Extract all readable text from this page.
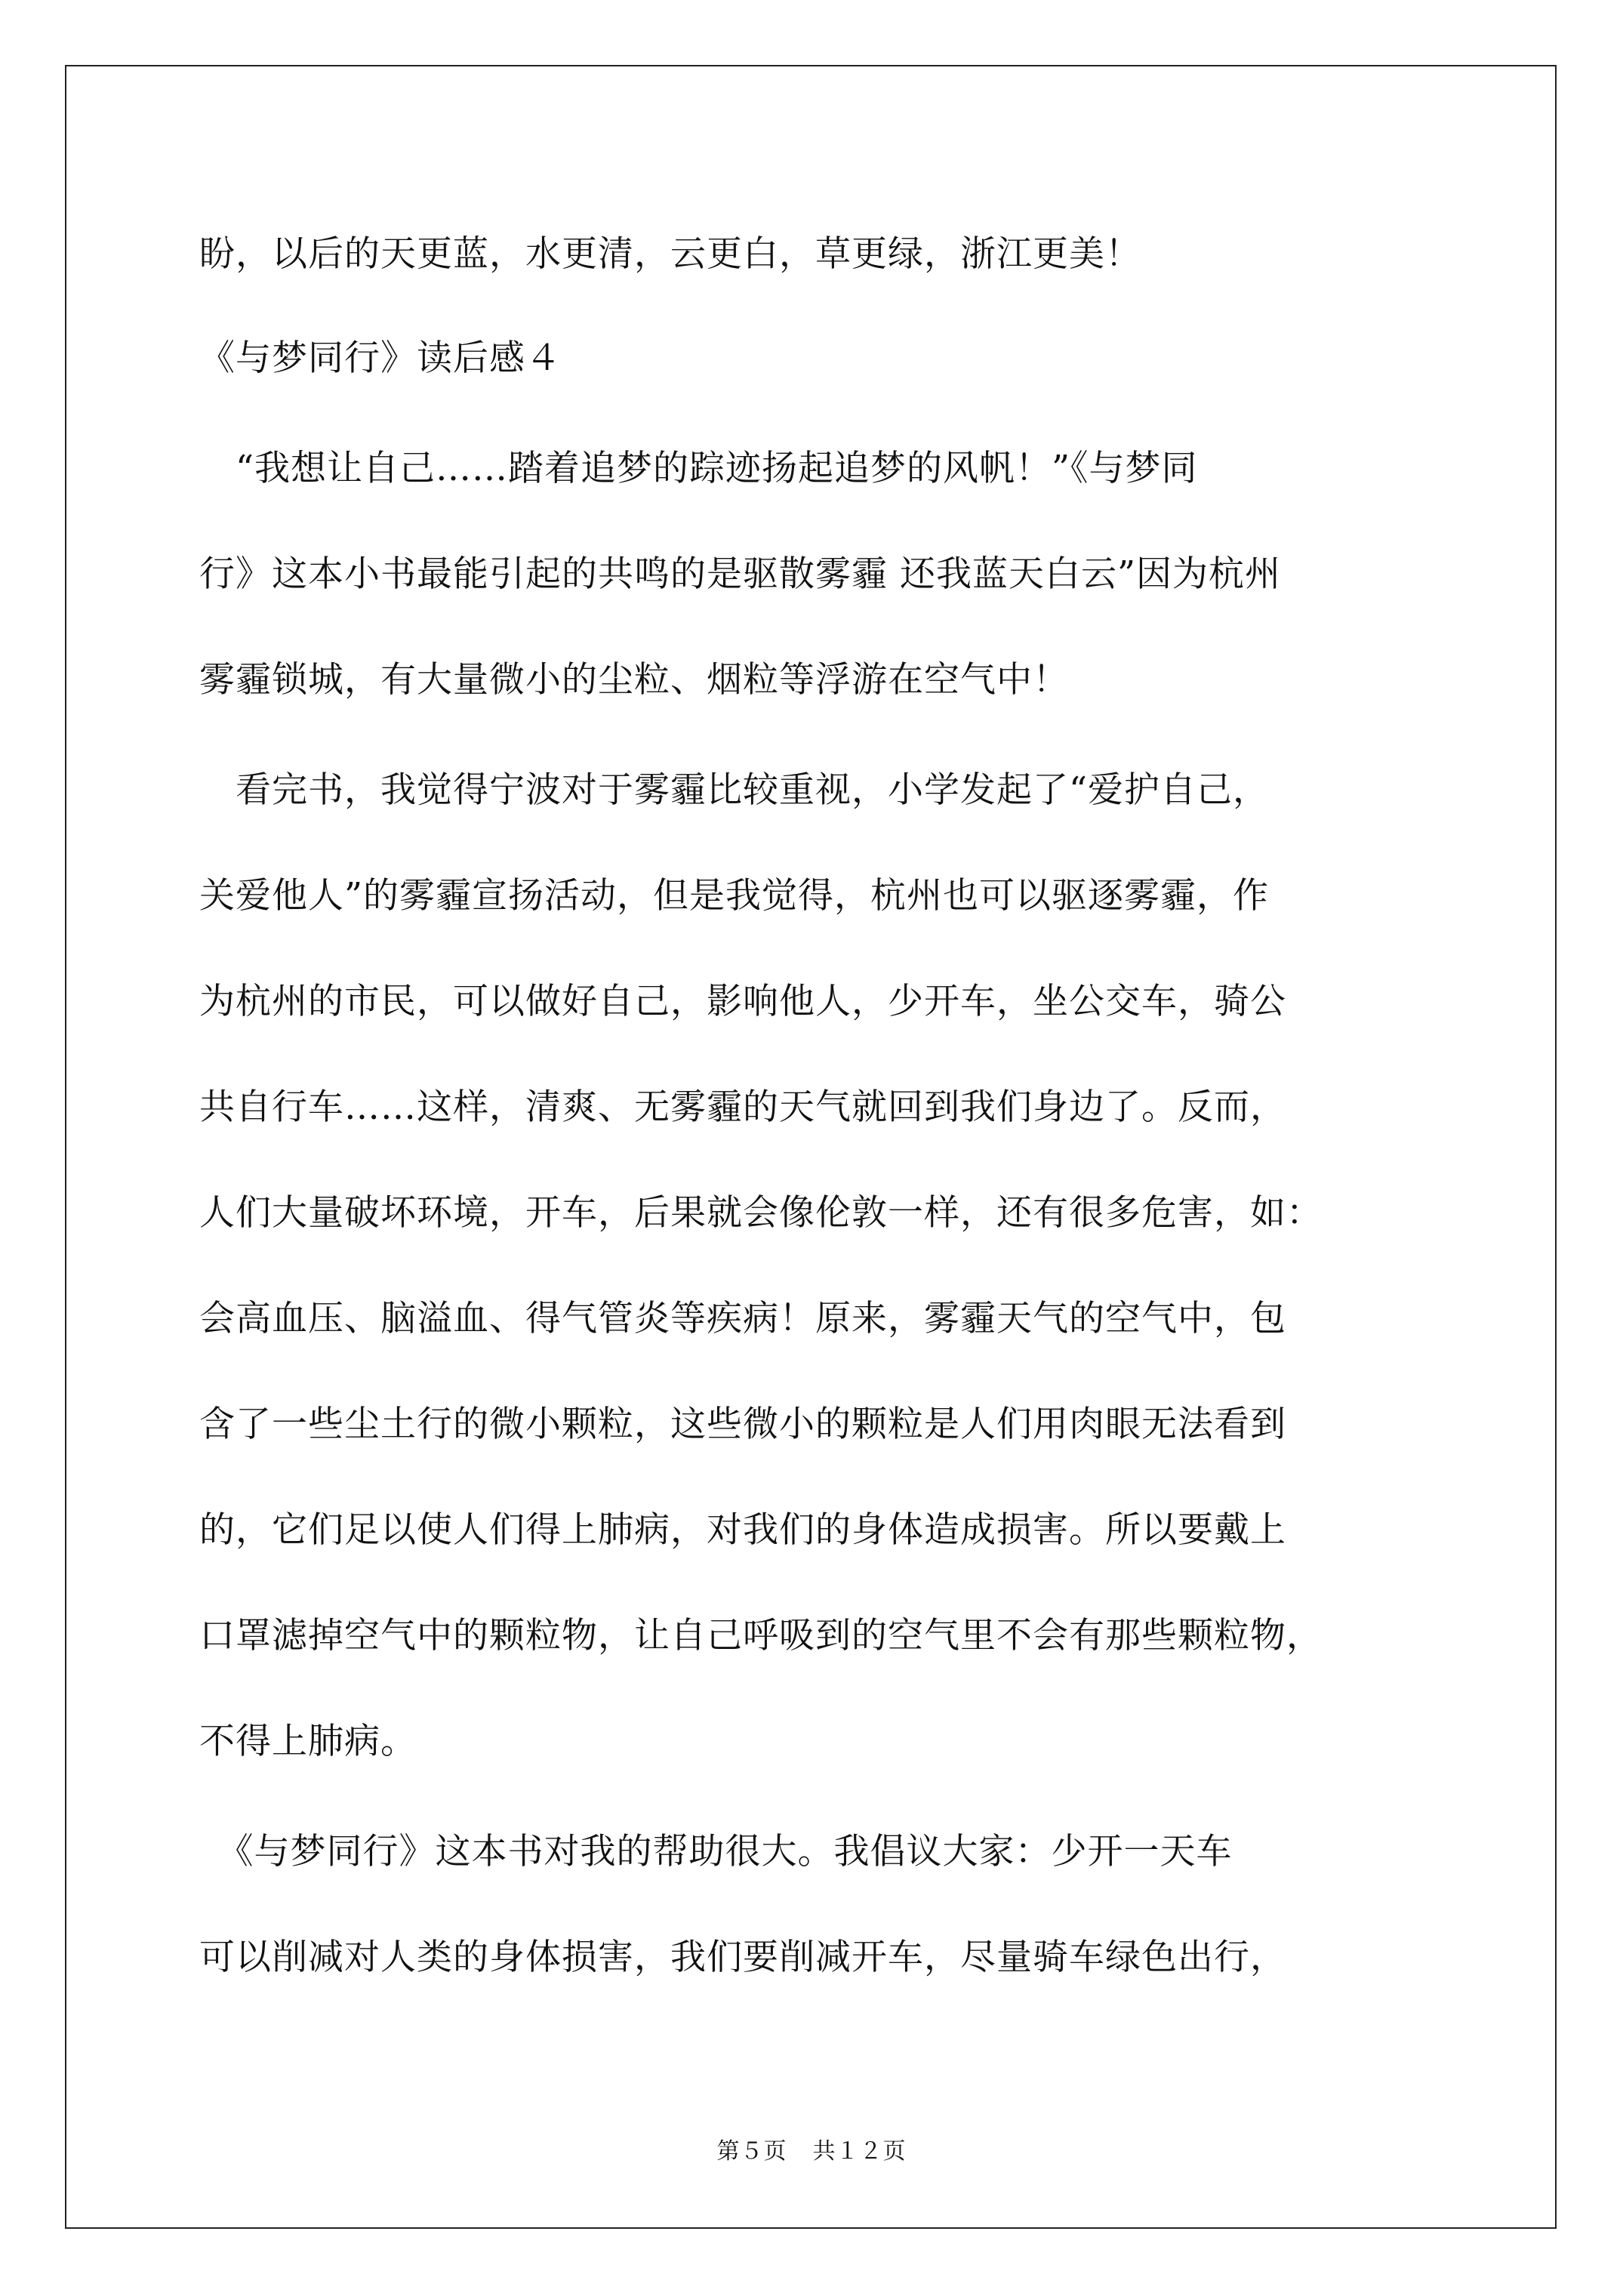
盼，以后的天更蓝，水更清，云更白，草更绿，浙江更美！
《与梦同行》读后感４
　“我想让自己……踏着追梦的踪迹扬起追梦的风帆！”《与梦同
行》这本小书最能引起的共鸣的是驱散雾霾 还我蓝天白云”因为杭州
雾霾锁城，有大量微小的尘粒、烟粒等浮游在空气中！
　看完书，我觉得宁波对于雾霾比较重视，小学发起了“爱护自己，
关爱他人”的雾霾宣扬活动，但是我觉得，杭州也可以驱逐雾霾，作
为杭州的市民，可以做好自己，影响他人，少开车，坐公交车，骑公
共自行车……这样，清爽、无雾霾的天气就回到我们身边了。反而，
人们大量破坏环境，开车，后果就会像伦敦一样，还有很多危害，如：
会高血压、脑溢血、得气管炎等疾病！原来，雾霾天气的空气中，包
含了一些尘土行的微小颗粒，这些微小的颗粒是人们用肉眼无法看到
的，它们足以使人们得上肺病，对我们的身体造成损害。所以要戴上
口罩滤掉空气中的颗粒物，让自己呼吸到的空气里不会有那些颗粒物，
不得上肺病。
　《与梦同行》这本书对我的帮助很大。我倡议大家：少开一天车
可以削减对人类的身体损害，我们要削减开车，尽量骑车绿色出行，
第５页 共１２页
